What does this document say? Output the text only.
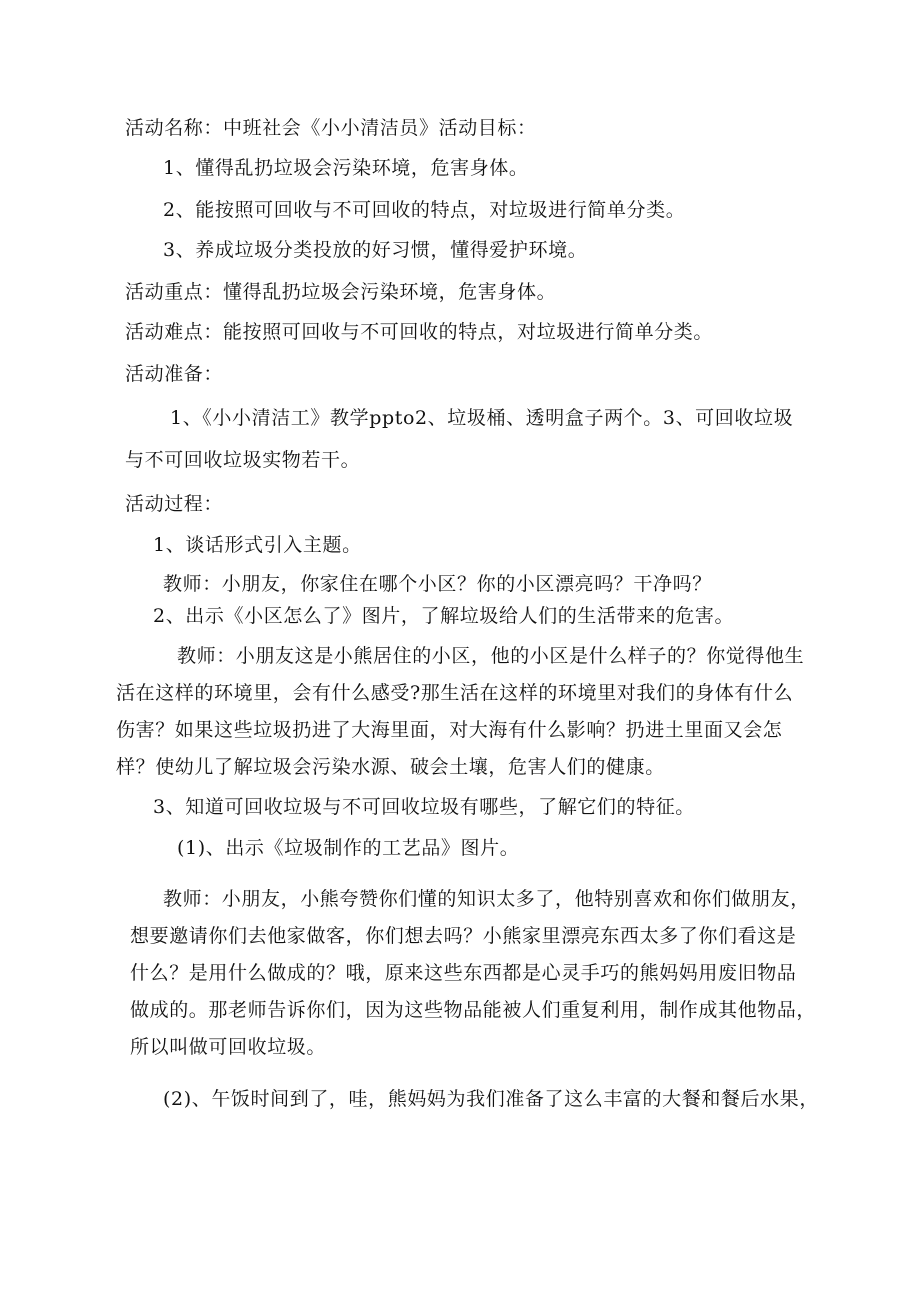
活动名称：中班社会《小小清洁员》活动目标：
1、懂得乱扔垃圾会污染环境，危害身体。
2、能按照可回收与不可回收的特点，对垃圾进行简单分类。
3、养成垃圾分类投放的好习惯，懂得爱护环境。
活动重点：懂得乱扔垃圾会污染环境，危害身体。
活动难点：能按照可回收与不可回收的特点，对垃圾进行简单分类。
活动准备：
1、《小小清洁工》教学ppto2、垃圾桶、透明盒子两个。3、可回收垃圾
与不可回收垃圾实物若干。
活动过程：
1、谈话形式引入主题。
教师：小朋友，你家住在哪个小区？你的小区漂亮吗？干净吗？
2、出示《小区怎么了》图片，了解垃圾给人们的生活带来的危害。
教师：小朋友这是小熊居住的小区，他的小区是什么样子的？你觉得他生
活在这样的环境里，会有什么感受?那生活在这样的环境里对我们的身体有什么
伤害？如果这些垃圾扔进了大海里面，对大海有什么影响？扔进土里面又会怎
样？使幼儿了解垃圾会污染水源、破会土壤，危害人们的健康。
3、知道可回收垃圾与不可回收垃圾有哪些，了解它们的特征。
(1)、出示《垃圾制作的工艺品》图片。
教师：小朋友，小熊夸赞你们懂的知识太多了，他特别喜欢和你们做朋友，
想要邀请你们去他家做客，你们想去吗？小熊家里漂亮东西太多了你们看这是
什么？是用什么做成的？哦，原来这些东西都是心灵手巧的熊妈妈用废旧物品
做成的。那老师告诉你们，因为这些物品能被人们重复利用，制作成其他物品，
所以叫做可回收垃圾。
(2)、午饭时间到了，哇，熊妈妈为我们准备了这么丰富的大餐和餐后水果，
